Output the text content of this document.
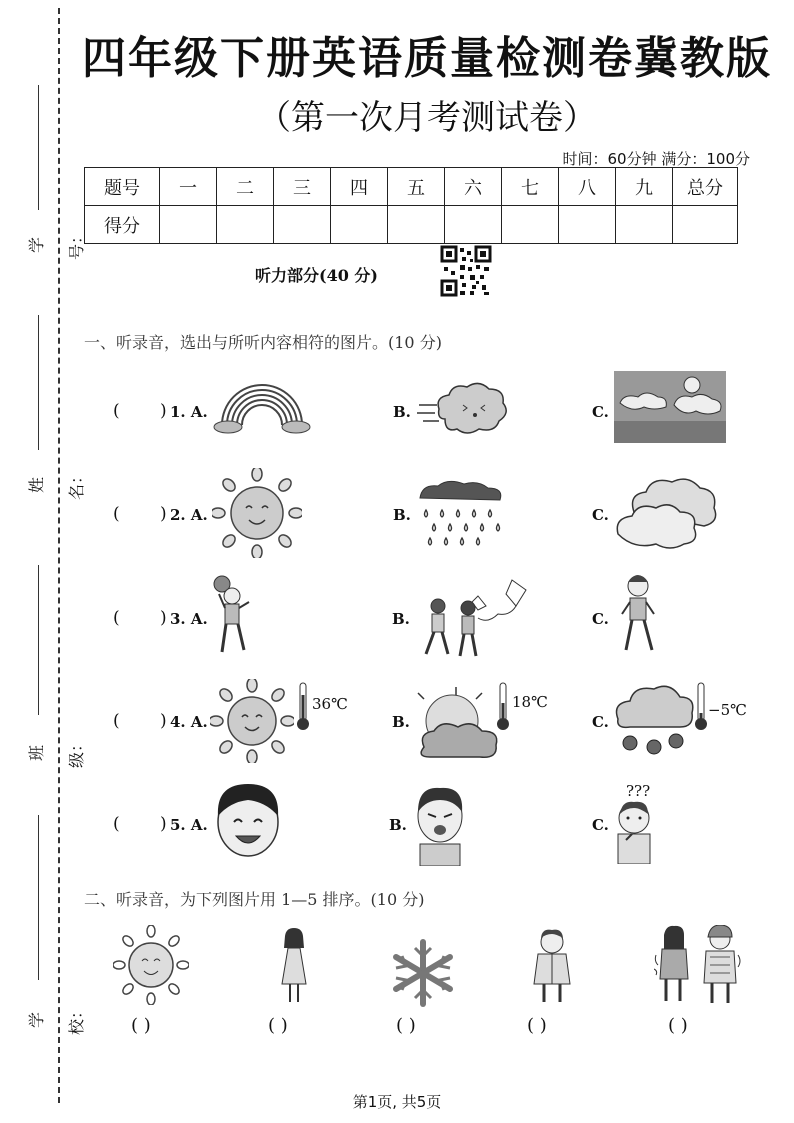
学号：
姓名：
班级：
学校：
四年级下册英语质量检测卷冀教版
（第一次月考测试卷）
时间：60分钟 满分：100分
题号	一	二	三	四	五	六	七	八	九	总分
得分										
听力部分(40 分)
一、听录音，选出与所听内容相符的图片。(10 分)
( ) 1. A.	B.	C.
( ) 2. A.	B.	C.
( ) 3. A.	B.	C.
( ) 4. A.
36℃
B.
18℃
C.
−5℃
( ) 5. A.	B.
???
C.
二、听录音，为下列图片用 1—5 排序。(10 分)
( )	( )	( )	( )	( )
第1页, 共5页
